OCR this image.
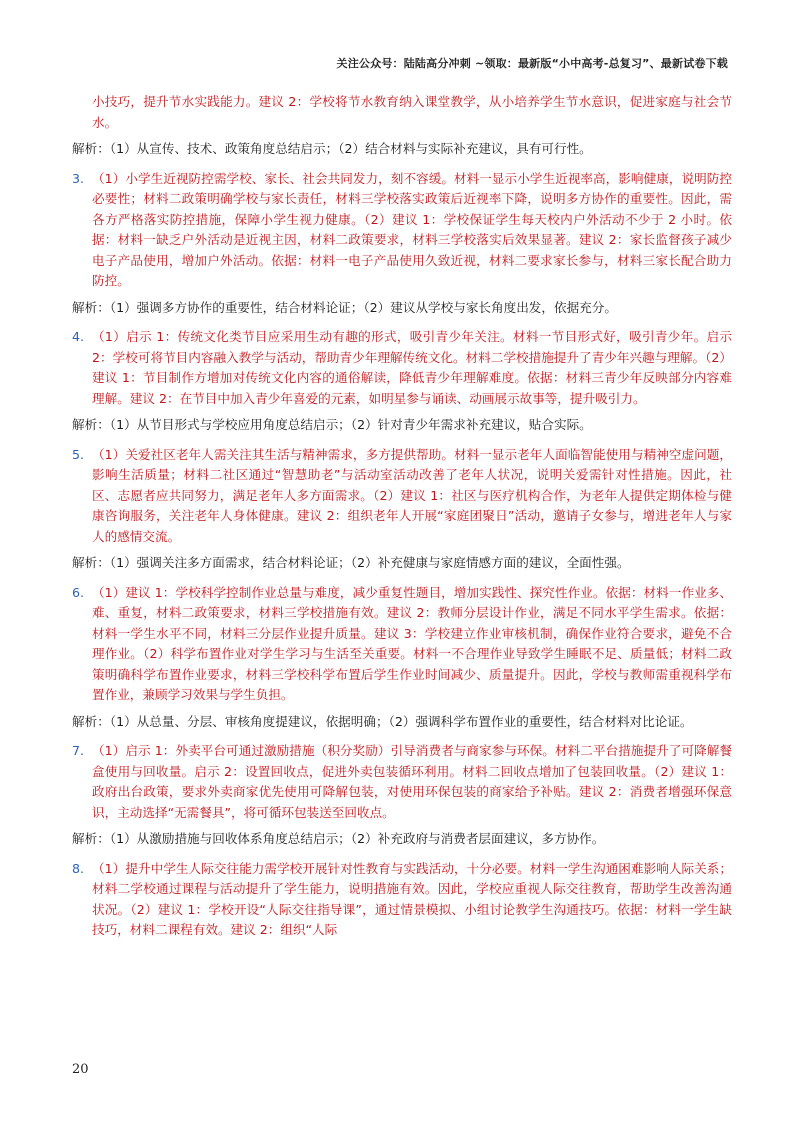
关注公众号：陆陆高分冲刺 ~领取：最新版“小中高考-总复习”、最新试卷下载
小技巧，提升节水实践能力。建议 2：学校将节水教育纳入课堂教学，从小培养学生节水意识，促进家庭与社会节水。
解析：（1）从宣传、技术、政策角度总结启示；（2）结合材料与实际补充建议，具有可行性。
3. （1）小学生近视防控需学校、家长、社会共同发力，刻不容缓。材料一显示小学生近视率高，影响健康，说明防控必要性；材料二政策明确学校与家长责任，材料三学校落实政策后近视率下降，说明多方协作的重要性。因此，需各方严格落实防控措施，保障小学生视力健康。（2）建议 1：学校保证学生每天校内户外活动不少于 2 小时。依据：材料一缺乏户外活动是近视主因，材料二政策要求，材料三学校落实后效果显著。建议 2：家长监督孩子减少电子产品使用，增加户外活动。依据：材料一电子产品使用久致近视，材料二要求家长参与，材料三家长配合助力防控。
解析：（1）强调多方协作的重要性，结合材料论证；（2）建议从学校与家长角度出发，依据充分。
4. （1）启示 1：传统文化类节目应采用生动有趣的形式，吸引青少年关注。材料一节目形式好，吸引青少年。启示 2：学校可将节目内容融入教学与活动，帮助青少年理解传统文化。材料二学校措施提升了青少年兴趣与理解。（2）建议 1：节目制作方增加对传统文化内容的通俗解读，降低青少年理解难度。依据：材料三青少年反映部分内容难理解。建议 2：在节目中加入青少年喜爱的元素，如明星参与诵读、动画展示故事等，提升吸引力。
解析：（1）从节目形式与学校应用角度总结启示；（2）针对青少年需求补充建议，贴合实际。
5. （1）关爱社区老年人需关注其生活与精神需求，多方提供帮助。材料一显示老年人面临智能使用与精神空虚问题，影响生活质量；材料二社区通过“智慧助老”与活动室活动改善了老年人状况，说明关爱需针对性措施。因此，社区、志愿者应共同努力，满足老年人多方面需求。（2）建议 1：社区与医疗机构合作，为老年人提供定期体检与健康咨询服务，关注老年人身体健康。建议 2：组织老年人开展“家庭团聚日”活动，邀请子女参与，增进老年人与家人的感情交流。
解析：（1）强调关注多方面需求，结合材料论证；（2）补充健康与家庭情感方面的建议，全面性强。
6. （1）建议 1：学校科学控制作业总量与难度，减少重复性题目，增加实践性、探究性作业。依据：材料一作业多、难、重复，材料二政策要求，材料三学校措施有效。建议 2：教师分层设计作业，满足不同水平学生需求。依据：材料一学生水平不同，材料三分层作业提升质量。建议 3：学校建立作业审核机制，确保作业符合要求，避免不合理作业。（2）科学布置作业对学生学习与生活至关重要。材料一不合理作业导致学生睡眠不足、质量低；材料二政策明确科学布置作业要求，材料三学校科学布置后学生作业时间减少、质量提升。因此，学校与教师需重视科学布置作业，兼顾学习效果与学生负担。
解析：（1）从总量、分层、审核角度提建议，依据明确；（2）强调科学布置作业的重要性，结合材料对比论证。
7. （1）启示 1：外卖平台可通过激励措施（积分奖励）引导消费者与商家参与环保。材料二平台措施提升了可降解餐盒使用与回收量。启示 2：设置回收点，促进外卖包装循环利用。材料二回收点增加了包装回收量。（2）建议 1：政府出台政策，要求外卖商家优先使用可降解包装，对使用环保包装的商家给予补贴。建议 2：消费者增强环保意识，主动选择“无需餐具”，将可循环包装送至回收点。
解析：（1）从激励措施与回收体系角度总结启示；（2）补充政府与消费者层面建议，多方协作。
8. （1）提升中学生人际交往能力需学校开展针对性教育与实践活动，十分必要。材料一学生沟通困难影响人际关系；材料二学校通过课程与活动提升了学生能力，说明措施有效。因此，学校应重视人际交往教育，帮助学生改善沟通状况。（2）建议 1：学校开设“人际交往指导课”，通过情景模拟、小组讨论教学生沟通技巧。依据：材料一学生缺技巧，材料二课程有效。建议 2：组织“人际
20
